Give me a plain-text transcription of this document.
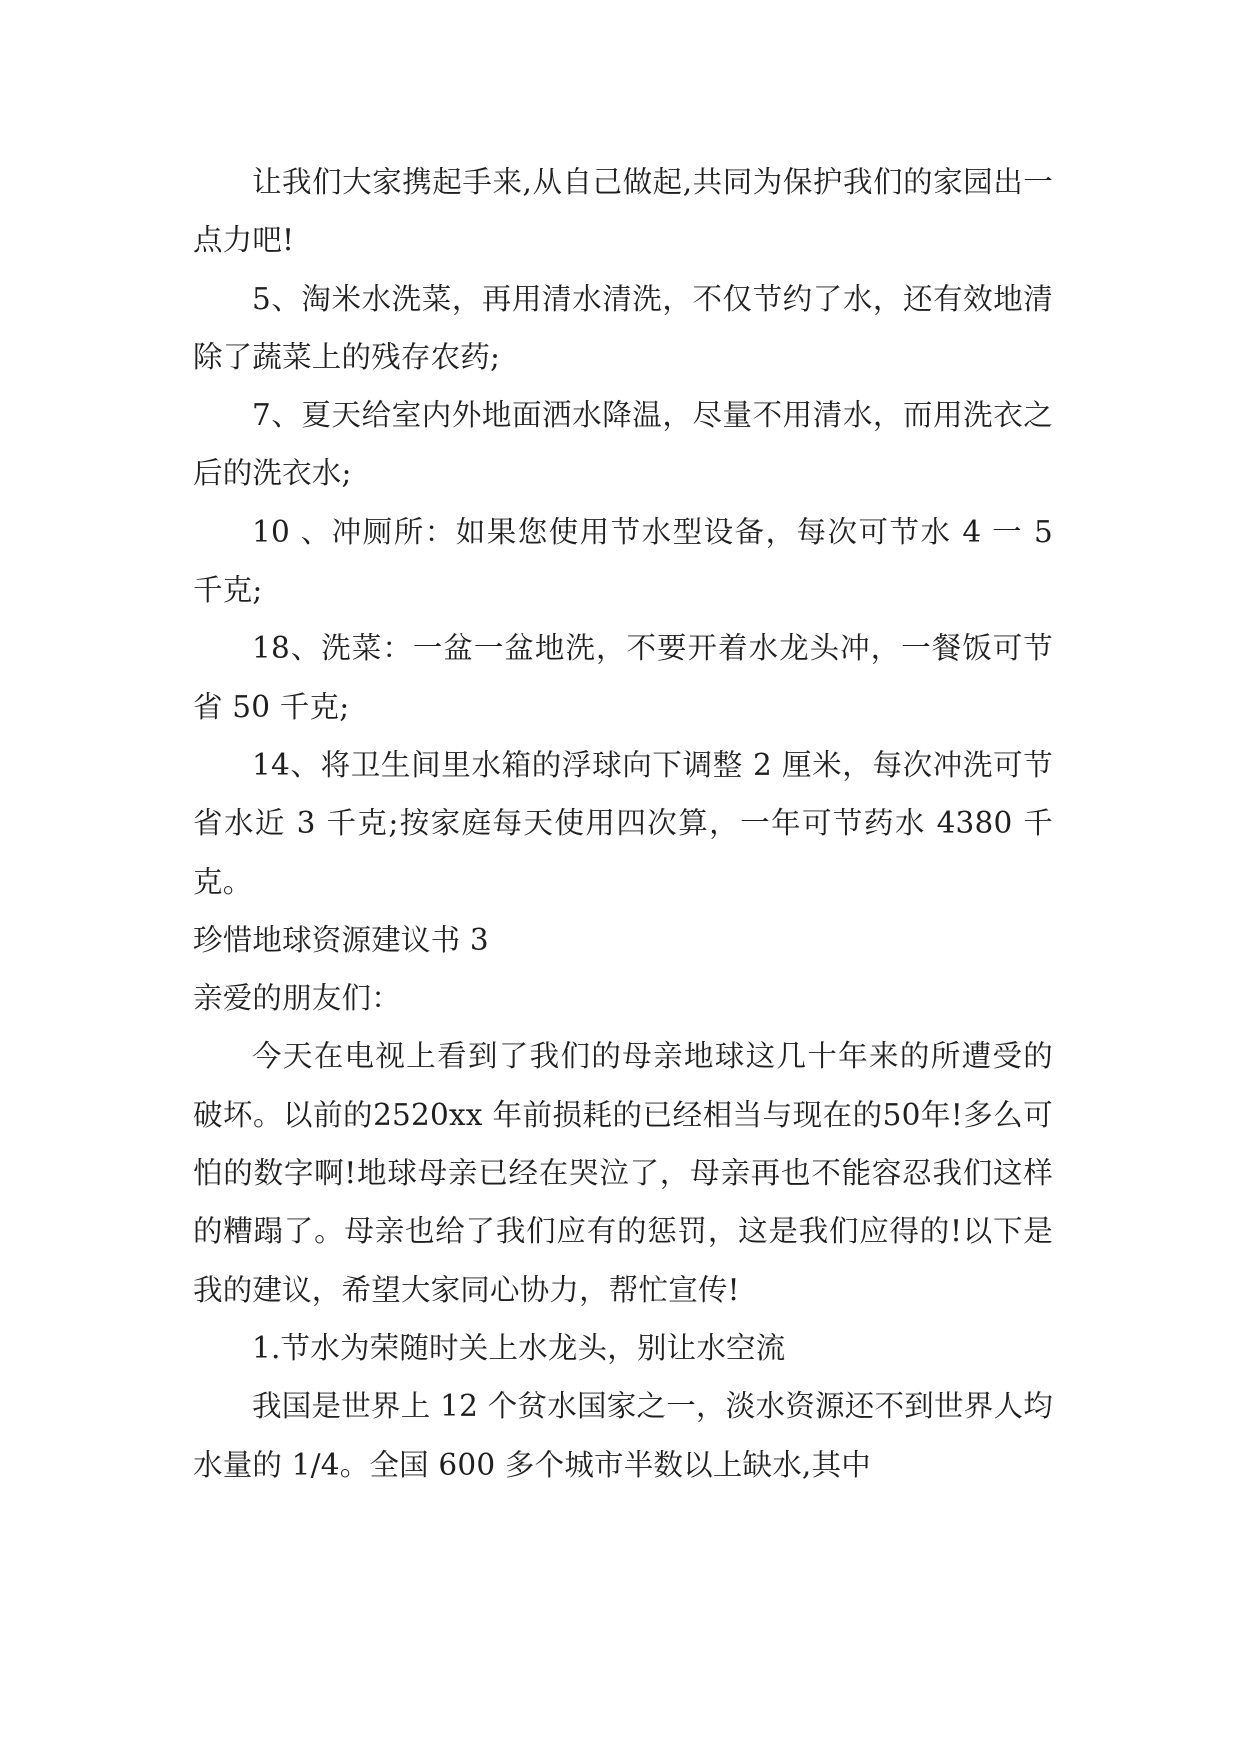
让我们大家携起手来,从自己做起,共同为保护我们的家园出一点力吧!

5、淘米水洗菜，再用清水清洗，不仅节约了水，还有效地清除了蔬菜上的残存农药;

7、夏天给室内外地面洒水降温，尽量不用清水，而用洗衣之后的洗衣水;

10 、冲厕所：如果您使用节水型设备，每次可节水 4 一 5 千克;

18、洗菜：一盆一盆地洗，不要开着水龙头冲，一餐饭可节省 50 千克;

14、将卫生间里水箱的浮球向下调整 2 厘米，每次冲洗可节省水近 3 千克;按家庭每天使用四次算，一年可节药水 4380 千克。

珍惜地球资源建议书 3

亲爱的朋友们：

今天在电视上看到了我们的母亲地球这几十年来的所遭受的破坏。以前的2520xx 年前损耗的已经相当与现在的50年!多么可怕的数字啊!地球母亲已经在哭泣了，母亲再也不能容忍我们这样的糟蹋了。母亲也给了我们应有的惩罚，这是我们应得的!以下是我的建议，希望大家同心协力，帮忙宣传!

1.节水为荣随时关上水龙头，别让水空流

我国是世界上 12 个贫水国家之一，淡水资源还不到世界人均水量的 1/4。全国 600 多个城市半数以上缺水,其中
